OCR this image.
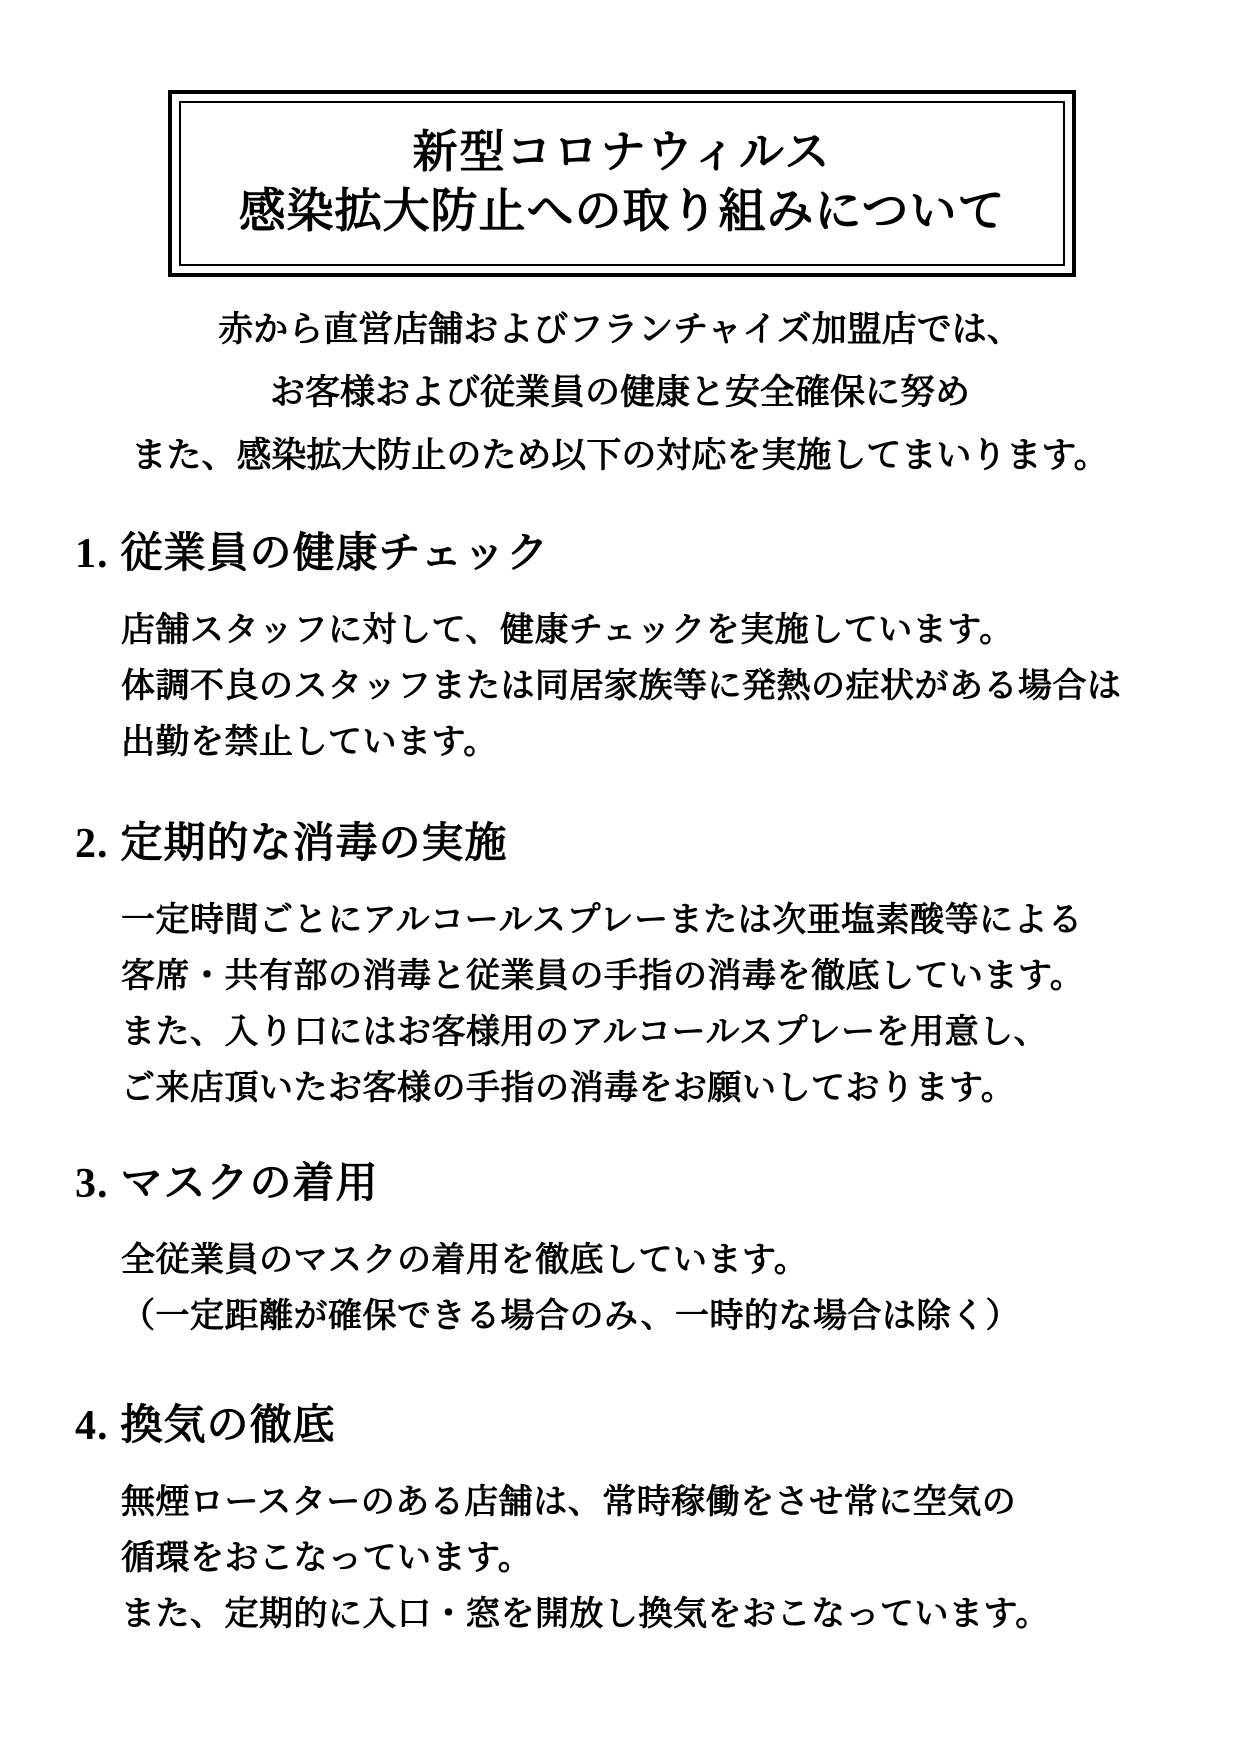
新型コロナウィルス
感染拡大防止への取り組みについて
赤から直営店舗およびフランチャイズ加盟店では、
お客様および従業員の健康と安全確保に努め
また、感染拡大防止のため以下の対応を実施してまいります。
1. 従業員の健康チェック
店舗スタッフに対して、健康チェックを実施しています。
体調不良のスタッフまたは同居家族等に発熱の症状がある場合は
出勤を禁止しています。
2. 定期的な消毒の実施
一定時間ごとにアルコールスプレーまたは次亜塩素酸等による
客席・共有部の消毒と従業員の手指の消毒を徹底しています。
また、入り口にはお客様用のアルコールスプレーを用意し、
ご来店頂いたお客様の手指の消毒をお願いしております。
3. マスクの着用
全従業員のマスクの着用を徹底しています。
（一定距離が確保できる場合のみ、一時的な場合は除く）
4. 換気の徹底
無煙ロースターのある店舗は、常時稼働をさせ常に空気の
循環をおこなっています。
また、定期的に入口・窓を開放し換気をおこなっています。
